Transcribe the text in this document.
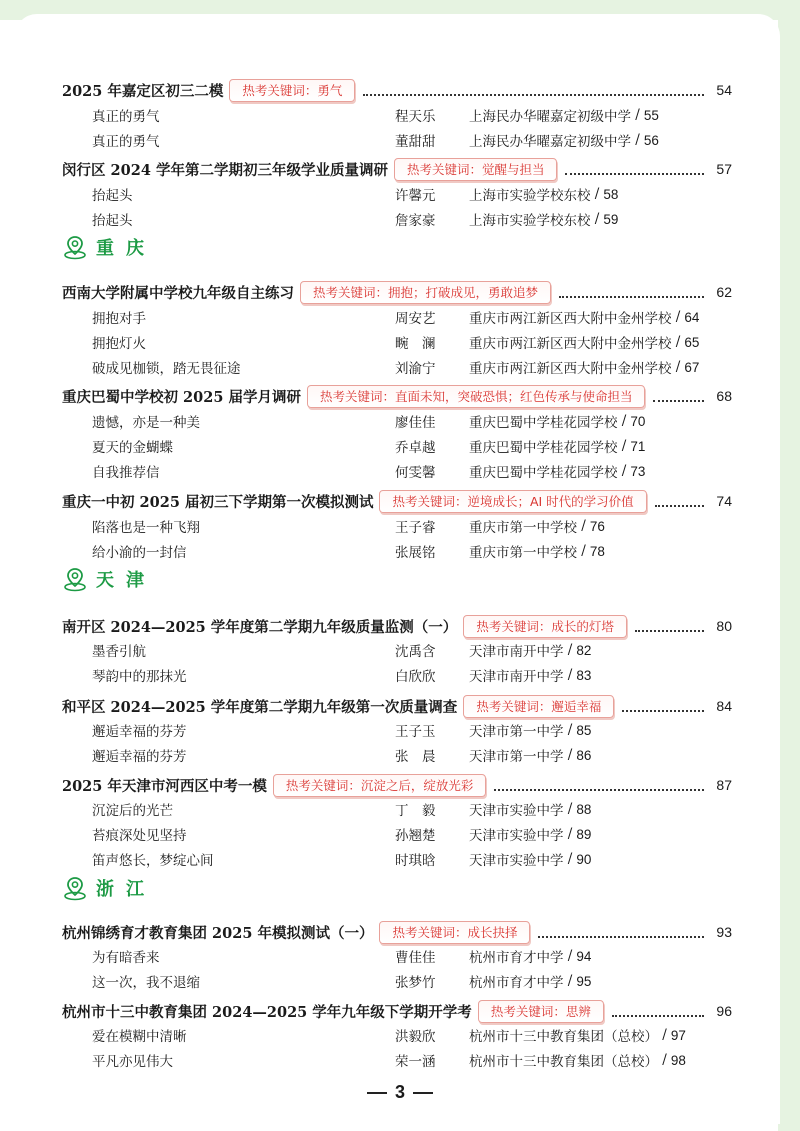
2025 年嘉定区初三二模	热考关键词：勇气	54
真正的勇气	程天乐	上海民办华曜嘉定初级中学 / 55
真正的勇气	董甜甜	上海民办华曜嘉定初级中学 / 56
闵行区 2024 学年第二学期初三年级学业质量调研	热考关键词：觉醒与担当	57
抬起头	许馨元	上海市实验学校东校 / 58
抬起头	詹家豪	上海市实验学校东校 / 59
重庆
西南大学附属中学校九年级自主练习	热考关键词：拥抱；打破成见，勇敢追梦	62
拥抱对手	周安艺	重庆市两江新区西大附中金州学校 / 64
拥抱灯火	畹　澜	重庆市两江新区西大附中金州学校 / 65
破成见枷锁，踏无畏征途	刘渝宁	重庆市两江新区西大附中金州学校 / 67
重庆巴蜀中学校初 2025 届学月调研	热考关键词：直面未知，突破恐惧；红色传承与使命担当	68
遗憾，亦是一种美	廖佳佳	重庆巴蜀中学桂花园学校 / 70
夏天的金蝴蝶	乔卓越	重庆巴蜀中学桂花园学校 / 71
自我推荐信	何雯馨	重庆巴蜀中学桂花园学校 / 73
重庆一中初 2025 届初三下学期第一次模拟测试	热考关键词：逆境成长；AI 时代的学习价值	74
陷落也是一种飞翔	王子睿	重庆市第一中学校 / 76
给小渝的一封信	张展铭	重庆市第一中学校 / 78
天津
南开区 2024—2025 学年度第二学期九年级质量监测（一）	热考关键词：成长的灯塔	80
墨香引航	沈禹含	天津市南开中学 / 82
琴韵中的那抹光	白欣欣	天津市南开中学 / 83
和平区 2024—2025 学年度第二学期九年级第一次质量调查	热考关键词：邂逅幸福	84
邂逅幸福的芬芳	王子玉	天津市第一中学 / 85
邂逅幸福的芬芳	张　晨	天津市第一中学 / 86
2025 年天津市河西区中考一模	热考关键词：沉淀之后，绽放光彩	87
沉淀后的光芒	丁　毅	天津市实验中学 / 88
苔痕深处见坚持	孙翘楚	天津市实验中学 / 89
笛声悠长，梦绽心间	时琪晗	天津市实验中学 / 90
浙江
杭州锦绣育才教育集团 2025 年模拟测试（一）	热考关键词：成长抉择	93
为有暗香来	曹佳佳	杭州市育才中学 / 94
这一次，我不退缩	张梦竹	杭州市育才中学 / 95
杭州市十三中教育集团 2024—2025 学年九年级下学期开学考	热考关键词：思辨	96
爱在模糊中清晰	洪毅欣	杭州市十三中教育集团（总校） / 97
平凡亦见伟大	荣一涵	杭州市十三中教育集团（总校） / 98
3
